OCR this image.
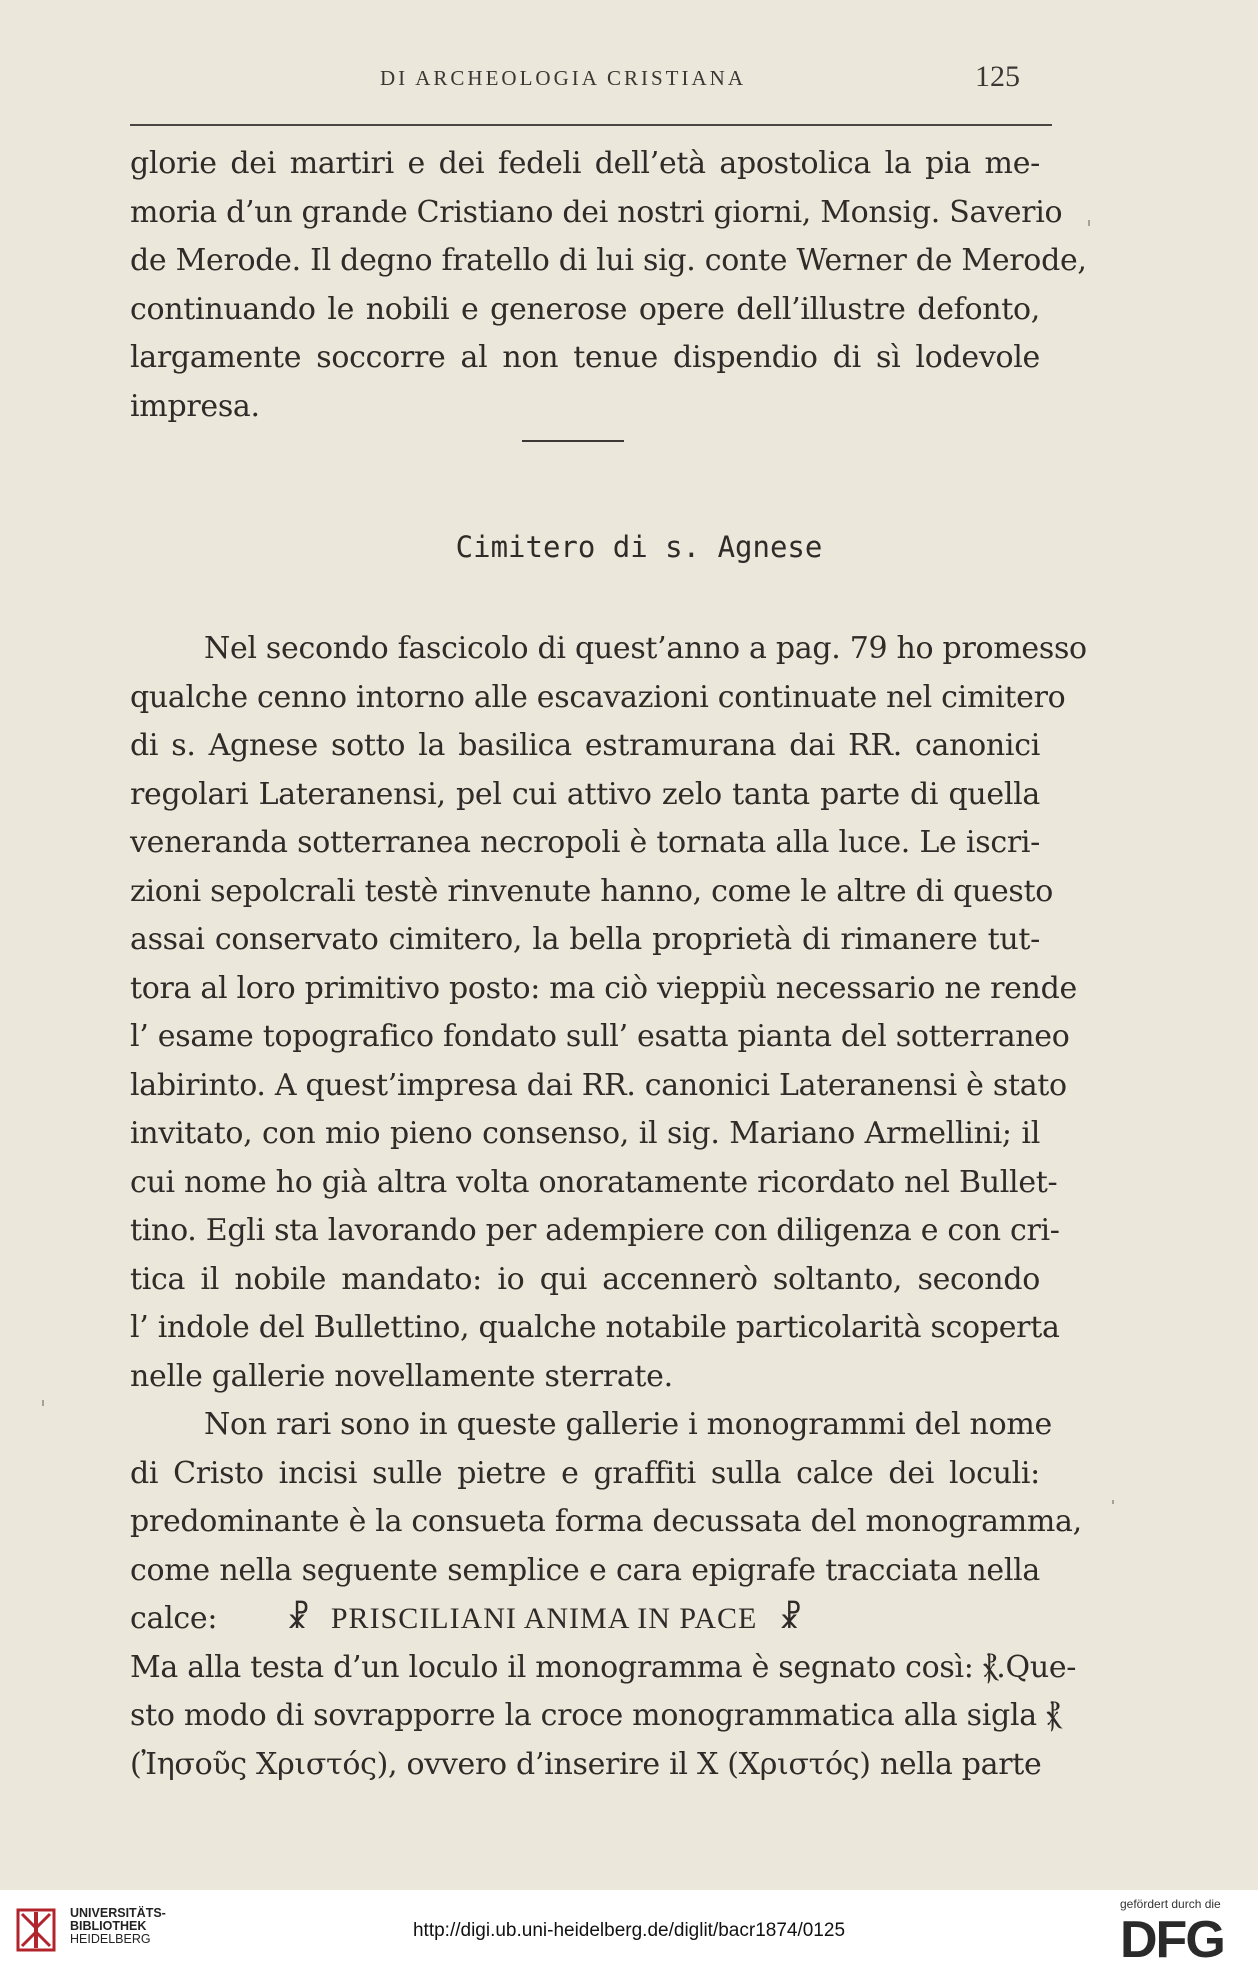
DI ARCHEOLOGIA CRISTIANA	125
glorie dei martiri e dei fedeli dell’età apostolica la pia me-
moria d’un grande Cristiano dei nostri giorni, Monsig. Saverio
de Merode. Il degno fratello di lui sig. conte Werner de Merode,
continuando le nobili e generose opere dell’illustre defonto,
largamente soccorre al non tenue dispendio di sì lodevole
impresa.
Cimitero di s. Agnese
Nel secondo fascicolo di quest’anno a pag. 79 ho promesso
qualche cenno intorno alle escavazioni continuate nel cimitero
di s. Agnese sotto la basilica estramurana dai RR. canonici
regolari Lateranensi, pel cui attivo zelo tanta parte di quella
veneranda sotterranea necropoli è tornata alla luce. Le iscri-
zioni sepolcrali testè rinvenute hanno, come le altre di questo
assai conservato cimitero, la bella proprietà di rimanere tut-
tora al loro primitivo posto: ma ciò vieppiù necessario ne rende
l’ esame topografico fondato sull’ esatta pianta del sotterraneo
labirinto. A quest’impresa dai RR. canonici Lateranensi è stato
invitato, con mio pieno consenso, il sig. Mariano Armellini; il
cui nome ho già altra volta onoratamente ricordato nel Bullet-
tino. Egli sta lavorando per adempiere con diligenza e con cri-
tica il nobile mandato: io qui accennerò soltanto, secondo
l’ indole del Bullettino, qualche notabile particolarità scoperta
nelle gallerie novellamente sterrate.
Non rari sono in queste gallerie i monogrammi del nome
di Cristo incisi sulle pietre e graffiti sulla calce dei loculi:
predominante è la consueta forma decussata del monogramma,
come nella seguente semplice e cara epigrafe tracciata nella
calce: ☧ PRISCILIANI ANIMA IN PACE ☧
Ma alla testa d’un loculo il monogramma è segnato così: ⳩.Que-
sto modo di sovrapporre la croce monogrammatica alla sigla ⳩
(Ἰησοῦς Χριστός), ovvero d’inserire il X (Χριστός) nella parte
UNIVERSITÄTS-
BIBLIOTHEK
HEIDELBERG	http://digi.ub.uni-heidelberg.de/diglit/bacr1874/0125
gefördert durch die
DFG
